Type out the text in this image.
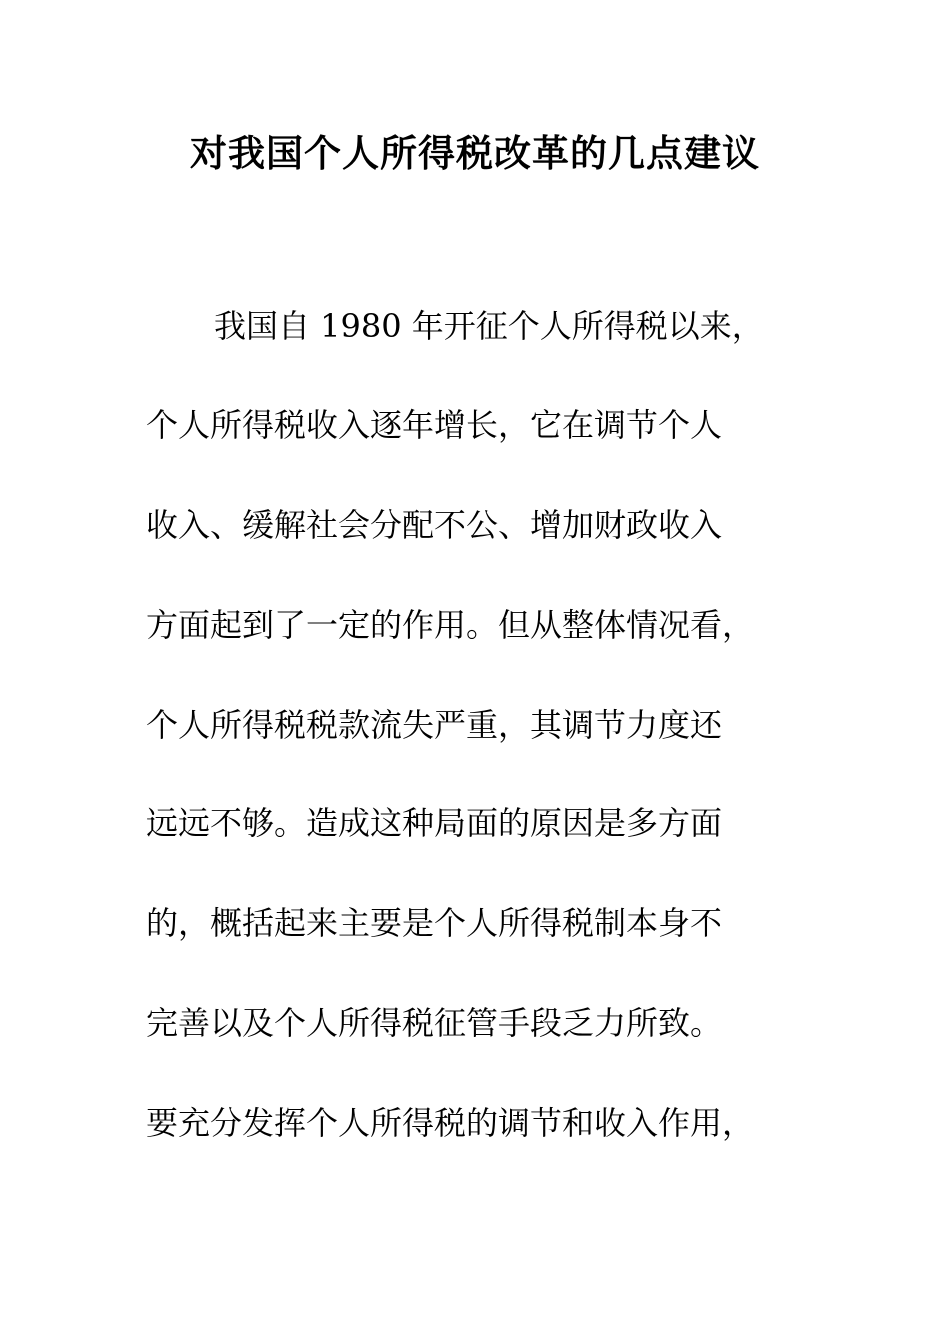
对我国个人所得税改革的几点建议
我国自 1980 年开征个人所得税以来，
个人所得税收入逐年增长，它在调节个人
收入、缓解社会分配不公、增加财政收入
方面起到了一定的作用。但从整体情况看，
个人所得税税款流失严重，其调节力度还
远远不够。造成这种局面的原因是多方面
的，概括起来主要是个人所得税制本身不
完善以及个人所得税征管手段乏力所致。
要充分发挥个人所得税的调节和收入作用，
